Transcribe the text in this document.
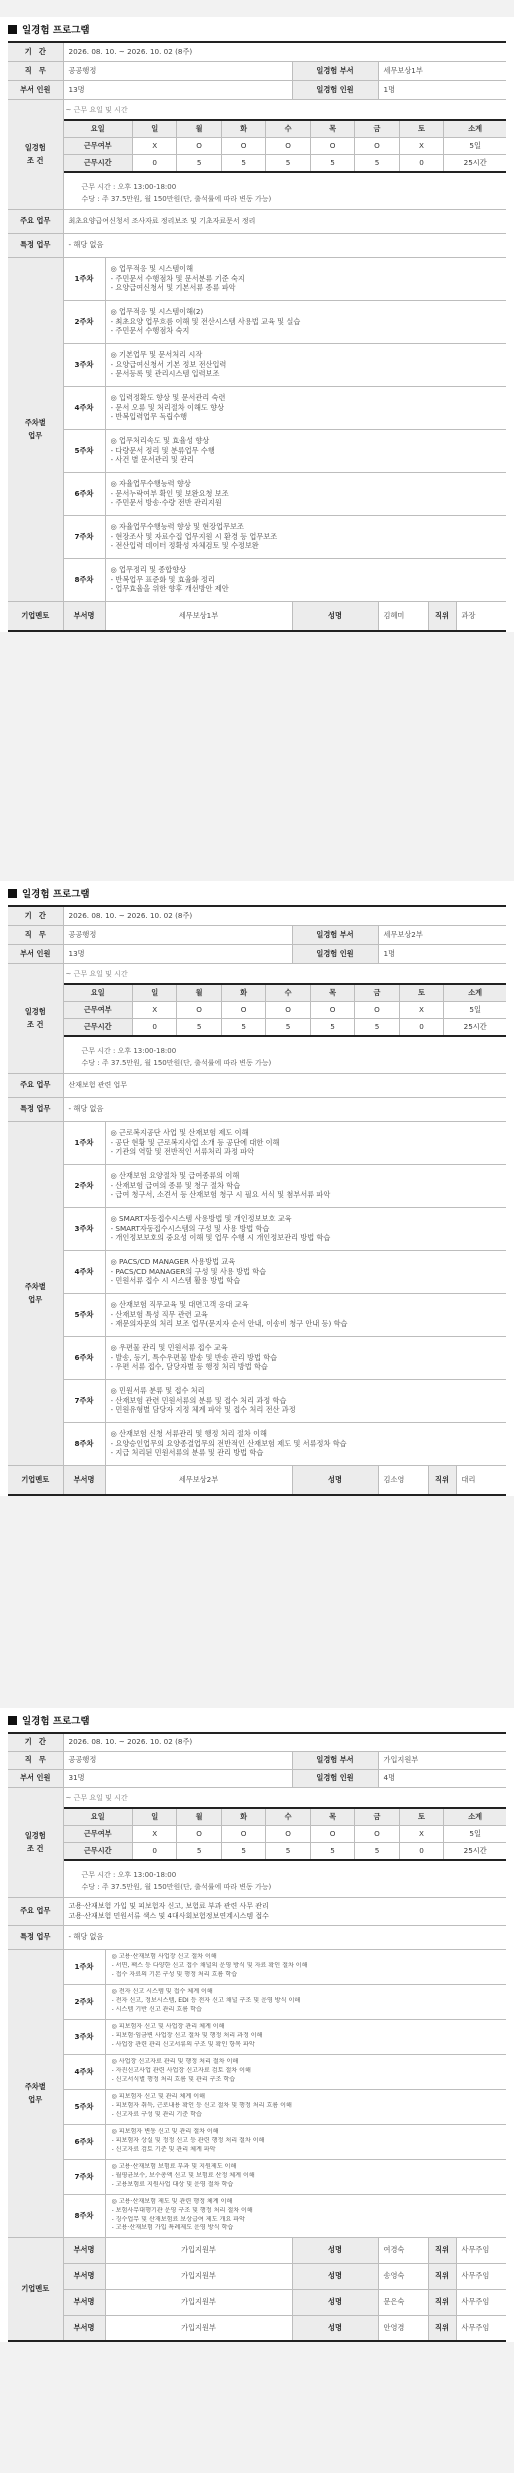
일경험 프로그램
기　간	2026. 08. 10. ~ 2026. 10. 02 (8주)
직　무	공공행정	일경험 부서	세무보상1부
부서 인원	13명	일경험 인원	1명
일경험
조 건	
~ 근무 요일 및 시간
요일	일	월	화	수	목	금	토	소계
근무여부	X	O	O	O	O	O	X	5일
근무시간	0	5	5	5	5	5	0	25시간
근무 시간 : 오후 13:00-18:00
수당 : 주 37.5만원, 월 150만원(단, 출석률에 따라 변동 가능)

주요 업무	최초요양급여신청서 조사자료 정리보조 및 기초자료문서 정리
특정 업무	- 해당 없음
주차별
업무	1주차	
◎ 업무적응 및 시스템이해
- 주민문서 수행점차 및 문서분류 기준 숙지
- 요양급여신청서 및 기본서류 종류 파악

2주차	
◎ 업무적응 및 시스템이해(2)
- 최초요양 업무흐름 이해 및 전산시스템 사용법 교육 및 실습
- 주민문서 수행점차 숙지

3주차	
◎ 기본업무 및 문서처리 시작
- 요양급여신청서 기본 정보 전산입력
- 문서등록 및 관리시스템 입력보조

4주차	
◎ 입력정확도 향상 및 문서관리 숙련
- 문서 오류 및 처리절차 이해도 향상
- 반복입력업무 독립수행

5주차	
◎ 업무처리속도 및 효율성 향상
- 다량문서 정리 및 분류업무 수행
- 사건 별 문서관리 및 관리

6주차	
◎ 자율업무수행능력 향상
- 문서누락여부 확인 및 보완요청 보조
- 주민문서 방송·수량 전반 관리지원

7주차	
◎ 자율업무수행능력 향상 및 현장업무보조
- 현장조사 및 자료수집 업무지원 시 환경 등 업무보조
- 전산입력 데이터 정확성 자체검토 및 수정보완

8주차	
◎ 업무정리 및 종합향상
- 반복업무 표준화 및 효율화 정리
- 업무효율을 위한 향후 개선방안 제안

기업멘토	부서명	세무보상1부	성명	김혜미	직위	과장
일경험 프로그램
기　간	2026. 08. 10. ~ 2026. 10. 02 (8주)
직　무	공공행정	일경험 부서	세무보상2부
부서 인원	13명	일경험 인원	1명
일경험
조 건	
~ 근무 요일 및 시간
요일	일	월	화	수	목	금	토	소계
근무여부	X	O	O	O	O	O	X	5일
근무시간	0	5	5	5	5	5	0	25시간
근무 시간 : 오후 13:00-18:00
수당 : 주 37.5만원, 월 150만원(단, 출석률에 따라 변동 가능)

주요 업무	산재보험 관련 업무
특정 업무	- 해당 없음
주차별
업무	1주차	
◎ 근로복지공단 사업 및 산재보험 제도 이해
- 공단 현황 및 근로복지사업 소개 등 공단에 대한 이해
- 기관의 역할 및 전반적인 서류처리 과정 파악

2주차	
◎ 산재보험 요양절차 및 급여종류의 이해
- 산재보험 급여의 종류 및 청구 절차 학습
- 급여 청구서, 소견서 등 산재보험 청구 시 필요 서식 및 첨부서류 파악

3주차	
◎ SMART자동접수시스템 사용방법 및 개인정보보호 교육
- SMART자동접수시스템의 구성 및 사용 방법 학습
- 개인정보보호의 중요성 이해 및 업무 수행 시 개인정보관리 방법 학습

4주차	
◎ PACS/CD MANAGER 사용방법 교육
- PACS/CD MANAGER의 구성 및 사용 방법 학습
- 민원서류 접수 시 시스템 활용 방법 학습

5주차	
◎ 산재보험 직무교육 및 대면고객 응대 교육
- 산재보험 특성 직무 관련 교육
- 재문의자문의 처리 보조 업무(문지자 순서 안내, 이송비 청구 안내 등) 학습

6주차	
◎ 우편물 관리 및 민원서류 접수 교육
- 발송, 등기, 특수우편물 발송 및 반송 관리 방법 학습
- 우편 서류 접수, 담당자별 등 행정 처리 방법 학습

7주차	
◎ 민원서류 분류 및 접수 처리
- 산재보험 관련 민원서류의 분류 및 접수 처리 과정 학습
- 민원유형별 담당자 지정 체계 파악 및 접수 처리 전산 과정

8주차	
◎ 산재보험 신청 서류관리 및 행정 처리 절차 이해
- 요양승인업무의 요양종결업무의 전반적인 산재보험 제도 및 서류정차 학습
- 지급 처리된 민원서류의 분류 및 관리 방법 학습

기업멘토	부서명	세무보상2부	성명	김소영	직위	대리
일경험 프로그램
기　간	2026. 08. 10. ~ 2026. 10. 02 (8주)
직　무	공공행정	일경험 부서	가입지원부
부서 인원	31명	일경험 인원	4명
일경험
조 건	
~ 근무 요일 및 시간
요일	일	월	화	수	목	금	토	소계
근무여부	X	O	O	O	O	O	X	5일
근무시간	0	5	5	5	5	5	0	25시간
근무 시간 : 오후 13:00-18:00
수당 : 주 37.5만원, 월 150만원(단, 출석률에 따라 변동 가능)

주요 업무	고용·산재보험 가입 및 피보험자 신고, 보험료 부과 관련 사무 관리
고용·산재보험 민원서류 색스 및 4대사회보험정보연계시스템 접수
특정 업무	- 해당 없음
주차별
업무	1주차	
◎ 고용·산재보험 사업장 신고 절차 이해
- 서면, 팩스 등 다양한 신고 접수 채널의 운영 방식 및 자료 확인 절차 이해
- 접수 자료의 기본 구성 및 행정 처리 흐름 학습

2주차	
◎ 전자 신고 시스템 및 접수 체계 이해
- 전자 신고, 정보시스템, EDI 등 전자 신고 채널 구조 및 운영 방식 이해
- 시스템 기반 신고 관리 흐름 학습

3주차	
◎ 피보험자 신고 및 사업장 관리 체계 이해
- 피보험·임금변 사업장 신고 절차 및 행정 처리 과정 이해
- 사업장 관련 관리 신고서류의 구조 및 확인 항목 파악

4주차	
◎ 사업장 신고자료 관리 및 행정 처리 절차 이해
- 자진신고사업 관련 사업장 신고자료 검토 절차 이해
- 신고서식별 행정 처리 흐름 및 관리 구조 학습

5주차	
◎ 피보험자 신고 및 관리 체계 이해
- 피보험자 취득, 근로내용 확인 등 신고 절차 및 행정 처리 흐름 이해
- 신고자료 구성 및 관리 기준 학습

6주차	
◎ 피보험자 변동 신고 및 관리 절차 이해
- 피보험자 상실 및 정정 신고 등 관련 행정 처리 절차 이해
- 신고자료 검토 기준 및 관리 체계 파악

7주차	
◎ 고용·산재보험 보험료 부과 및 지원제도 이해
- 월평균보수, 보수총액 신고 및 보험료 산정 체계 이해
- 고용보험료 지원사업 대상 및 운영 절차 학습

8주차	
◎ 고용·산재보험 제도 및 관련 행정 체계 이해
- 보험사무대행기관 운영 구조 및 행정 처리 절차 이해
- 징수업무 및 산재보험료 보상급여 제도 개요 파악
- 고용·산재보험 가입 특례제도 운영 방식 학습

기업멘토	부서명	가입지원부	성명	여경숙	직위	사무주임
부서명	가입지원부	성명	송영숙	직위	사무주임
부서명	가입지원부	성명	문은숙	직위	사무주임
부서명	가입지원부	성명	안영경	직위	사무주임
